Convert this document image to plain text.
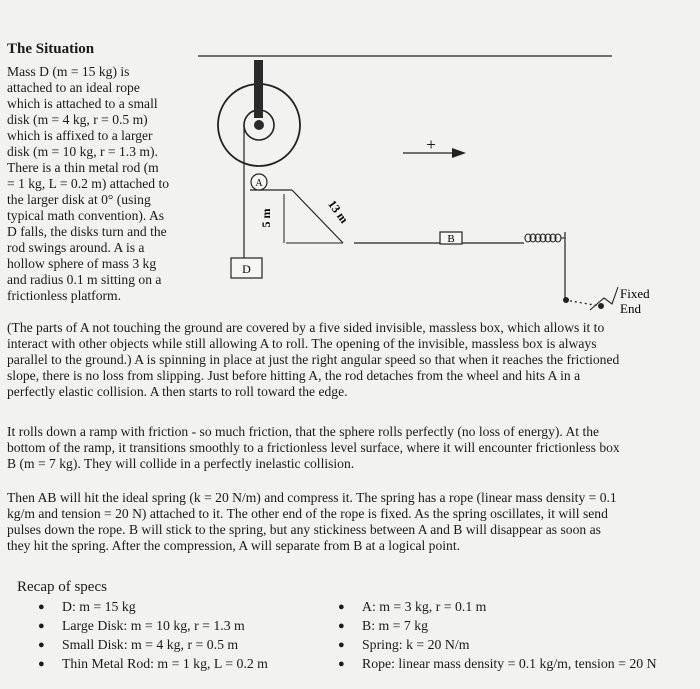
The Situation
Mass D (m = 15 kg) is
attached to an ideal rope
which is attached to a small
disk (m = 4 kg, r = 0.5 m)
which is affixed to a larger
disk (m = 10 kg, r = 1.3 m).
There is a thin metal rod (m
= 1 kg, L = 0.2 m) attached to
the larger disk at 0° (using
typical math convention). As
D falls, the disks turn and the
rod swings around. A is a
hollow sphere of mass 3 kg
and radius 0.1 m sitting on a
frictionless platform.
D
+
A
5 m	13 m
B
Fixed
End
(The parts of A not touching the ground are covered by a five sided invisible, massless box, which allows it to
interact with other objects while still allowing A to roll. The opening of the invisible, massless box is always
parallel to the ground.) A is spinning in place at just the right angular speed so that when it reaches the frictioned
slope, there is no loss from slipping. Just before hitting A, the rod detaches from the wheel and hits A in a
perfectly elastic collision. A then starts to roll toward the edge.
It rolls down a ramp with friction - so much friction, that the sphere rolls perfectly (no loss of energy). At the
bottom of the ramp, it transitions smoothly to a frictionless level surface, where it will encounter frictionless box
B (m = 7 kg). They will collide in a perfectly inelastic collision.
Then AB will hit the ideal spring (k = 20 N/m) and compress it. The spring has a rope (linear mass density = 0.1
kg/m and tension = 20 N) attached to it. The other end of the rope is fixed. As the spring oscillates, it will send
pulses down the rope. B will stick to the spring, but any stickiness between A and B will disappear as soon as
they hit the spring. After the compression, A will separate from B at a logical point.
Recap of specs
● D: m = 15 kg
● Large Disk: m = 10 kg, r = 1.3 m
● Small Disk: m = 4 kg, r = 0.5 m
● Thin Metal Rod: m = 1 kg, L = 0.2 m
● A: m = 3 kg, r = 0.1 m
● B: m = 7 kg
● Spring: k = 20 N/m
● Rope: linear mass density = 0.1 kg/m, tension = 20 N
